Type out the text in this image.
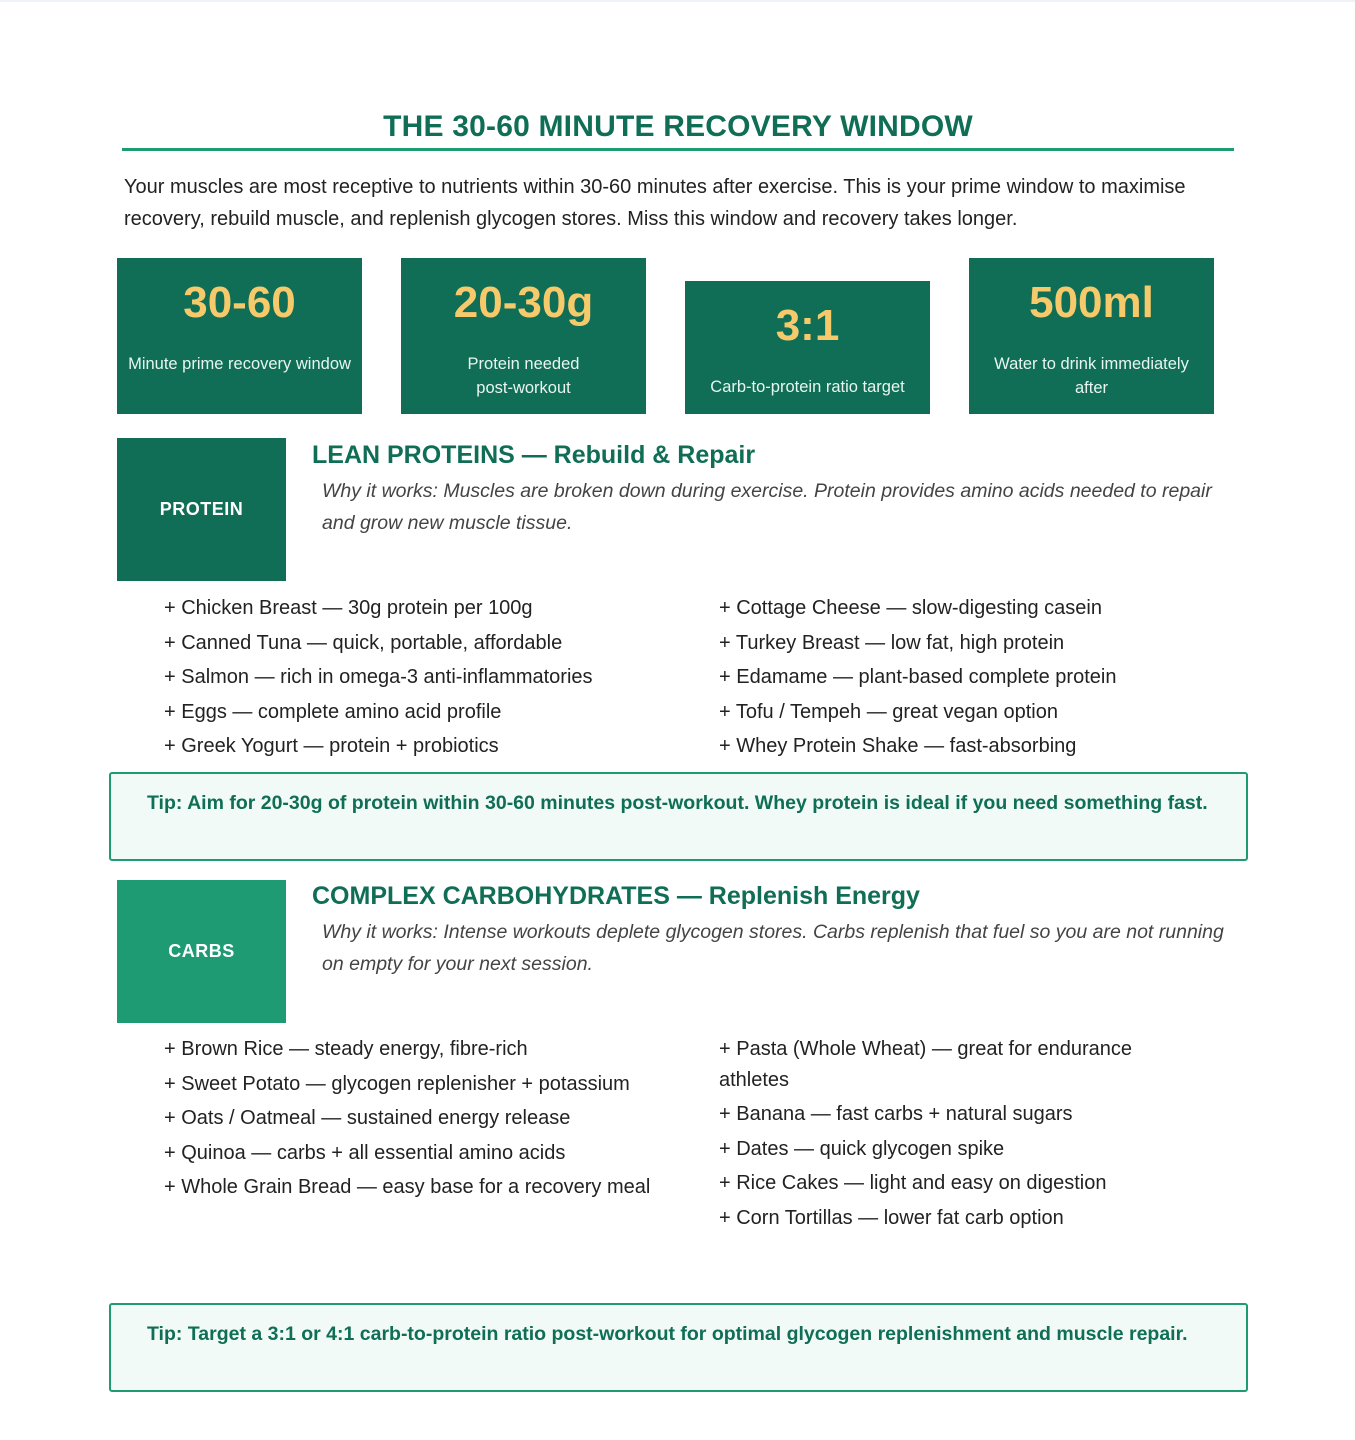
THE 30-60 MINUTE RECOVERY WINDOW
Your muscles are most receptive to nutrients within 30-60 minutes after exercise. This is your prime window to maximise recovery, rebuild muscle, and replenish glycogen stores. Miss this window and recovery takes longer.
30-60
Minute prime recovery window
20-30g
Protein needed post-workout
3:1
Carb-to-protein ratio target
500ml
Water to drink immediately after
PROTEIN
LEAN PROTEINS — Rebuild & Repair
Why it works: Muscles are broken down during exercise. Protein provides amino acids needed to repair and grow new muscle tissue.
+ Chicken Breast — 30g protein per 100g
+ Canned Tuna — quick, portable, affordable
+ Salmon — rich in omega-3 anti-inflammatories
+ Eggs — complete amino acid profile
+ Greek Yogurt — protein + probiotics
+ Cottage Cheese — slow-digesting casein
+ Turkey Breast — low fat, high protein
+ Edamame — plant-based complete protein
+ Tofu / Tempeh — great vegan option
+ Whey Protein Shake — fast-absorbing
Tip: Aim for 20-30g of protein within 30-60 minutes post-workout. Whey protein is ideal if you need something fast.
CARBS
COMPLEX CARBOHYDRATES — Replenish Energy
Why it works: Intense workouts deplete glycogen stores. Carbs replenish that fuel so you are not running on empty for your next session.
+ Brown Rice — steady energy, fibre-rich
+ Sweet Potato — glycogen replenisher + potassium
+ Oats / Oatmeal — sustained energy release
+ Quinoa — carbs + all essential amino acids
+ Whole Grain Bread — easy base for a recovery meal
+ Pasta (Whole Wheat) — great for endurance athletes
+ Banana — fast carbs + natural sugars
+ Dates — quick glycogen spike
+ Rice Cakes — light and easy on digestion
+ Corn Tortillas — lower fat carb option
Tip: Target a 3:1 or 4:1 carb-to-protein ratio post-workout for optimal glycogen replenishment and muscle repair.
